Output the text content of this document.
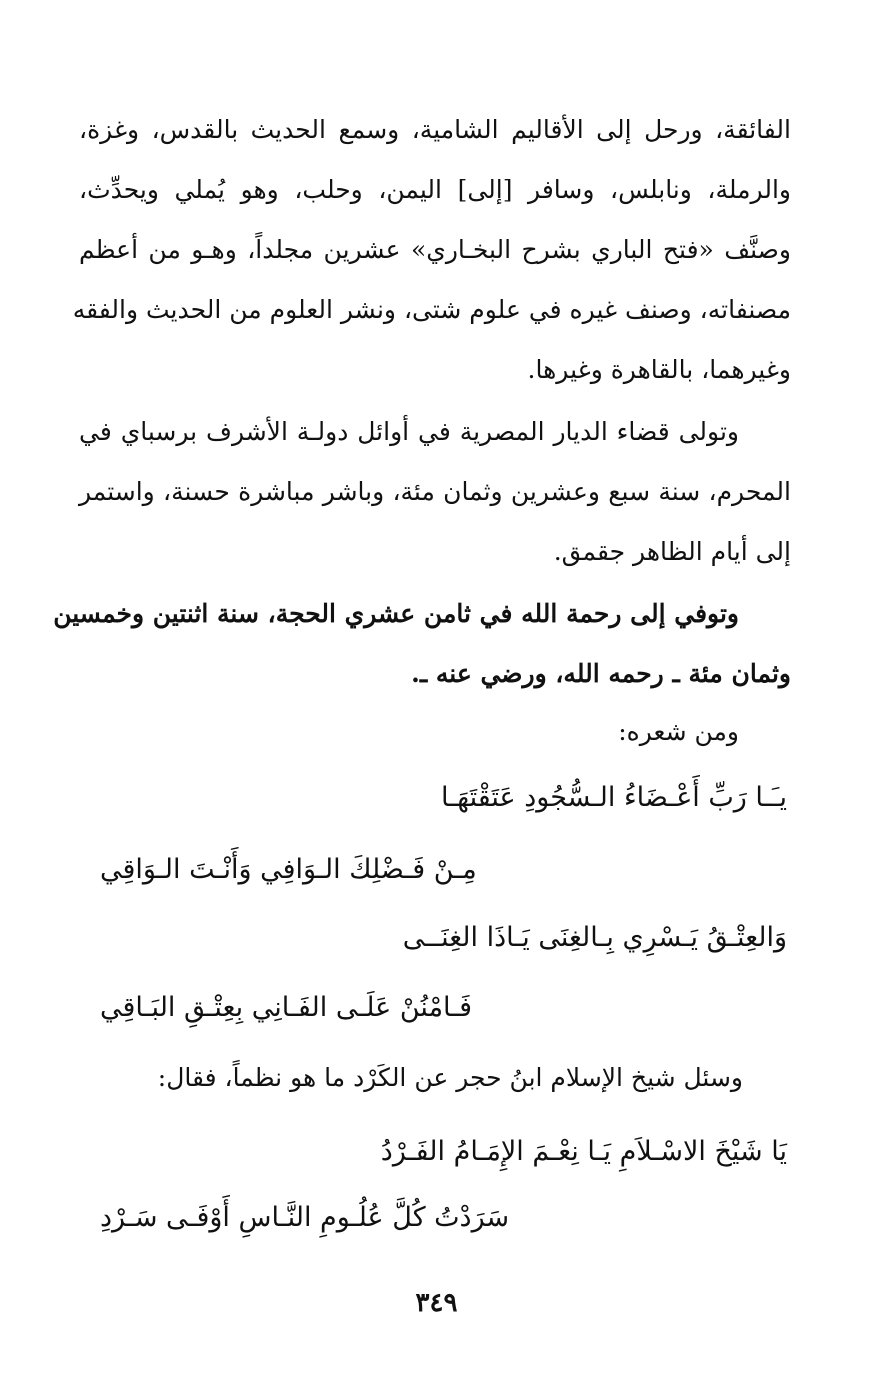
الفائقة، ورحل إلى الأقاليم الشامية، وسمع الحديث بالقدس، وغزة،
والرملة، ونابلس، وسافر [إلى] اليمن، وحلب، وهو يُملي ويحدِّث،
وصنَّف «فتح الباري بشرح البخـاري» عشرين مجلداً، وهـو من أعظم
مصنفاته، وصنف غيره في علوم شتى، ونشر العلوم من الحديث والفقه
وغيرهما، بالقاهرة وغيرها.
وتولى قضاء الديار المصرية في أوائل دولـة الأشرف برسباي في
المحرم، سنة سبع وعشرين وثمان مئة، وباشر مباشرة حسنة، واستمر
إلى أيام الظاهر جقمق.
وتوفي إلى رحمة الله في ثامن عشري الحجة، سنة اثنتين وخمسين
وثمان مئة ـ رحمه الله، ورضي عنه ـ.
ومن شعره:
يـَـا رَبِّ أَعْـضَاءُ الـسُّجُودِ عَتَقْتَهَـا
مِـنْ فَـضْلِكَ الـوَافِي وَأَنْـتَ الـوَاقِي
وَالعِتْـقُ يَـسْرِي بِـالغِنَى يَـاذَا الغِنَــى
فَـامْنُنْ عَلَـى الفَـانِي بِعِتْـقِ البَـاقِي
وسئل شيخ الإسلام ابنُ حجر عن الكَرْد ما هو نظماً، فقال:
يَا شَيْخَ الاسْـلاَمِ يَـا نِعْـمَ الإِمَـامُ الفَـرْدُ
سَرَدْتُ كُلَّ عُلُـومِ النَّـاسِ أَوْفَـى سَـرْدِ
٣٤٩
